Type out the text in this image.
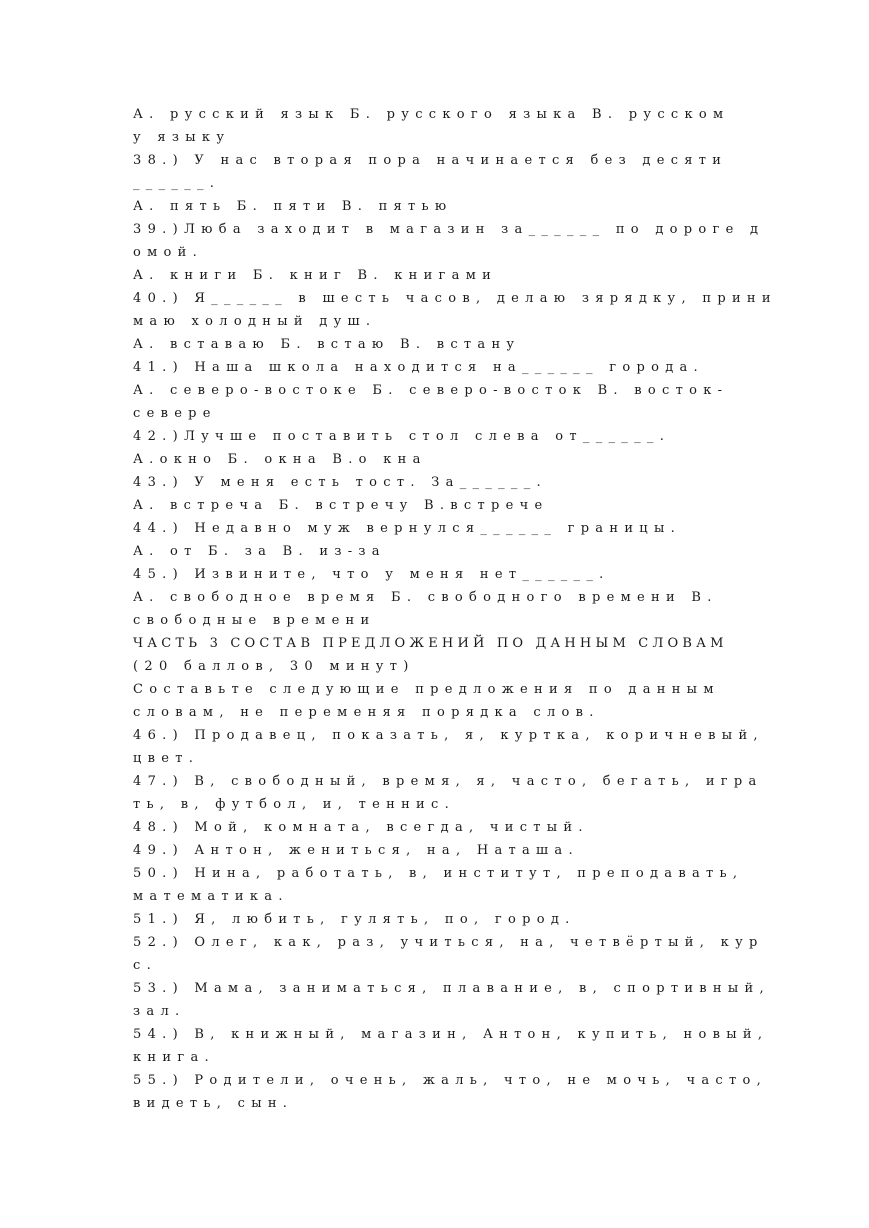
А. русский язык Б. русского языка В. русском
у языку
38.) У нас вторая пора начинается без десяти
______.
А. пять Б. пяти В. пятью
39.)Люба заходит в магазин за______ по дороге д
омой.
А. книги Б. книг В. книгами
40.) Я______ в шесть часов, делаю зярядку, прини
маю холодный душ.
А. вставаю Б. встаю В. встану
41.) Наша школа находится на______ города.
А. северо-востоке Б. северо-восток В. восток-
севере
42.)Лучше поставить стол слева от______.
А.окно Б. окна В.о кна
43.) У меня есть тост. За______.
А. встреча Б. встречу В.встрече
44.) Недавно муж вернулся______ границы.
А. от Б. за В. из-за
45.) Извините, что у меня нет______.
А. свободное время Б. свободного времени В.
свободные времени
ЧАСТЬ 3 СОСТАВ ПРЕДЛОЖЕНИЙ ПО ДАННЫМ СЛОВАМ
(20 баллов, 30 минут)
Составьте следующие предложения по данным
словам, не переменяя порядка слов.
46.) Продавец, показать, я, куртка, коричневый,
цвет.
47.) В, свободный, время, я, часто, бегать, игра
ть, в, футбол, и, теннис.
48.) Мой, комната, всегда, чистый.
49.) Антон, жениться, на, Наташа.
50.) Нина, работать, в, институт, преподавать,
математика.
51.) Я, любить, гулять, по, город.
52.) Олег, как, раз, учиться, на, четвёртый, кур
с.
53.) Мама, заниматься, плавание, в, спортивный,
зал.
54.) В, книжный, магазин, Антон, купить, новый,
книга.
55.) Родители, очень, жаль, что, не мочь, часто,
видеть, сын.
